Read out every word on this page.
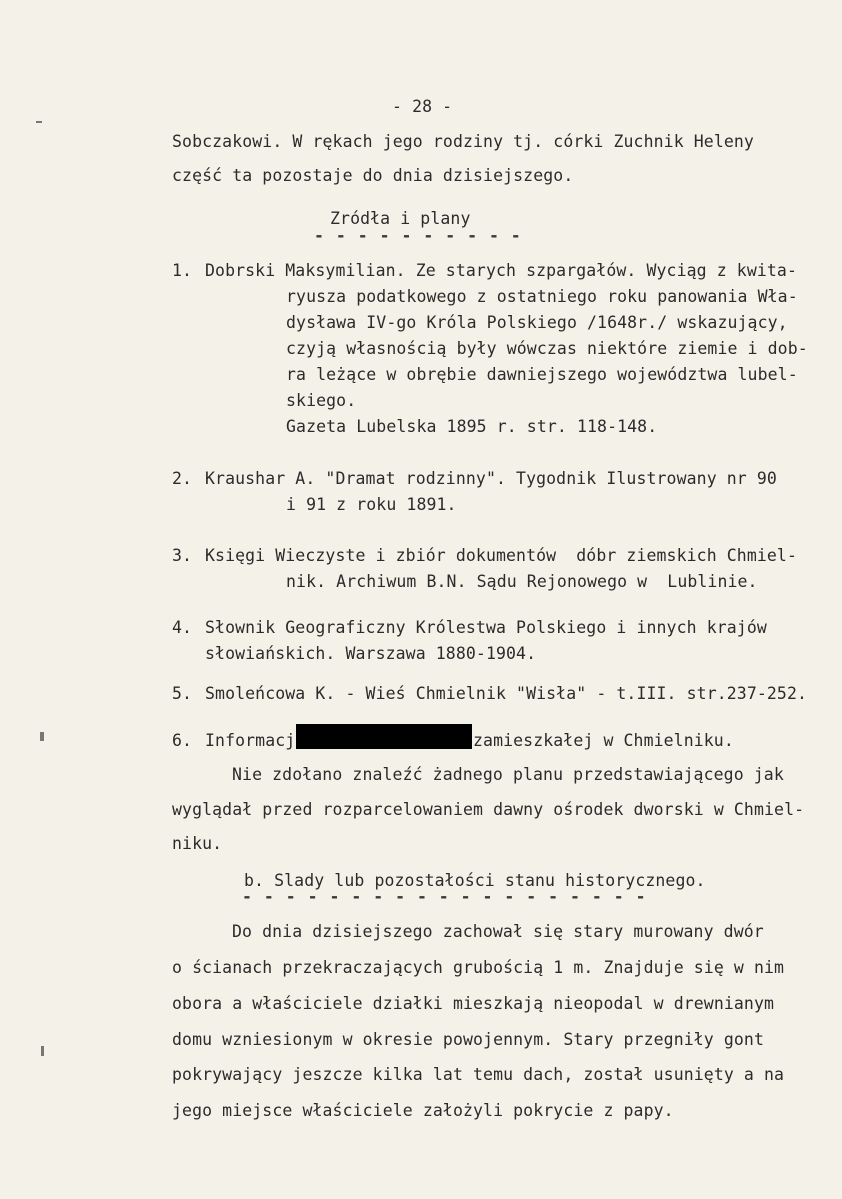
- 28 -
Sobczakowi. W rękach jego rodziny tj. córki Zuchnik Heleny
część ta pozostaje do dnia dzisiejszego.
Zródła i plany
- - - - - - - - - -
1. Dobrski Maksymilian. Ze starych szpargałów. Wyciąg z kwita-
ryusza podatkowego z ostatniego roku panowania Wła-
dysława IV-go Króla Polskiego /1648r./ wskazujący,
czyją własnością były wówczas niektóre ziemie i dob-
ra leżące w obrębie dawniejszego województwa lubel-
skiego.
Gazeta Lubelska 1895 r. str. 118-148.
2. Kraushar A. "Dramat rodzinny". Tygodnik Ilustrowany nr 90
i 91 z roku 1891.
3. Księgi Wieczyste i zbiór dokumentów  dóbr ziemskich Chmiel-
nik. Archiwum B.N. Sądu Rejonowego w  Lublinie.
4. Słownik Geograficzny Królestwa Polskiego i innych krajów
słowiańskich. Warszawa 1880-1904.
5. Smoleńcowa K. - Wieś Chmielnik "Wisła" - t.III. str.237-252.
6. Informacj	zamieszkałej w Chmielniku.
Nie zdołano znaleźć żadnego planu przedstawiającego jak
wyglądał przed rozparcelowaniem dawny ośrodek dworski w Chmiel-
niku.
b. Slady lub pozostałości stanu historycznego.
- - - - - - - - - - - - - - - - - - -
Do dnia dzisiejszego zachował się stary murowany dwór
o ścianach przekraczających grubością 1 m. Znajduje się w nim
obora a właściciele działki mieszkają nieopodal w drewnianym
domu wzniesionym w okresie powojennym. Stary przegniły gont
pokrywający jeszcze kilka lat temu dach, został usunięty a na
jego miejsce właściciele założyli pokrycie z papy.
